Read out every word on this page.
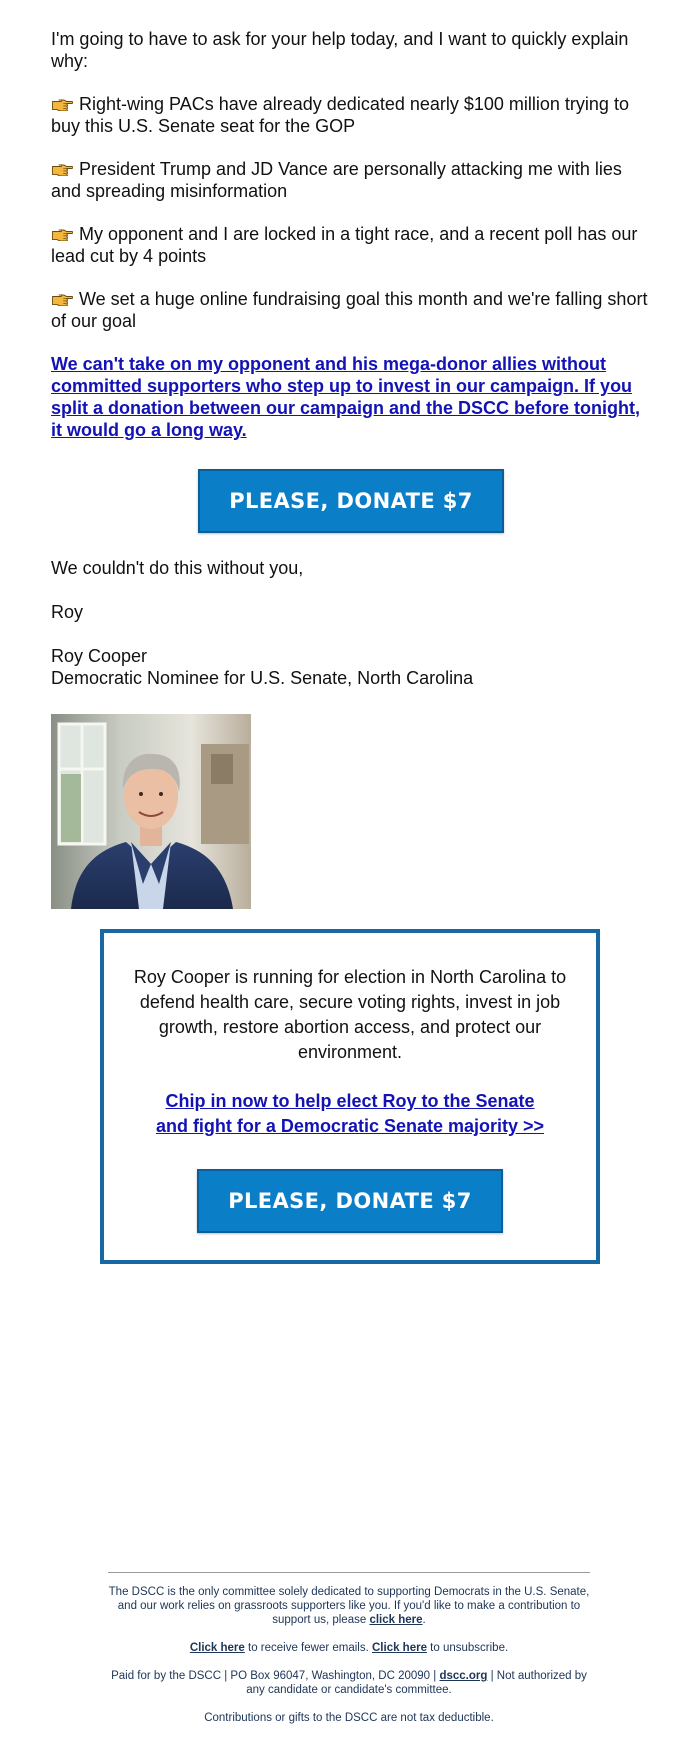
I'm going to have to ask for your help today, and I want to quickly explain why:

Right-wing PACs have already dedicated nearly $100 million trying to buy this U.S. Senate seat for the GOP

President Trump and JD Vance are personally attacking me with lies and spreading misinformation

My opponent and I are locked in a tight race, and a recent poll has our lead cut by 4 points

We set a huge online fundraising goal this month and we're falling short of our goal

We can't take on my opponent and his mega-donor allies without committed supporters who step up to invest in our campaign. If you split a donation between our campaign and the DSCC before tonight, it would go a long way.
PLEASE, DONATE $7

We couldn't do this without you,

Roy

Roy Cooper

Democratic Nominee for U.S. Senate, North Carolina

Roy Cooper is running for election in North Carolina to defend health care, secure voting rights, invest in job growth, restore abortion access, and protect our environment.

Chip in now to help elect Roy to the Senate and fight for a Democratic Senate majority >>
PLEASE, DONATE $7

The DSCC is the only committee solely dedicated to supporting Democrats in the U.S. Senate, and our work relies on grassroots supporters like you. If you'd like to make a contribution to support us, please click here.

Click here to receive fewer emails. Click here to unsubscribe.

Paid for by the DSCC | PO Box 96047, Washington, DC 20090 | dscc.org | Not authorized by any candidate or candidate's committee.

Contributions or gifts to the DSCC are not tax deductible.
